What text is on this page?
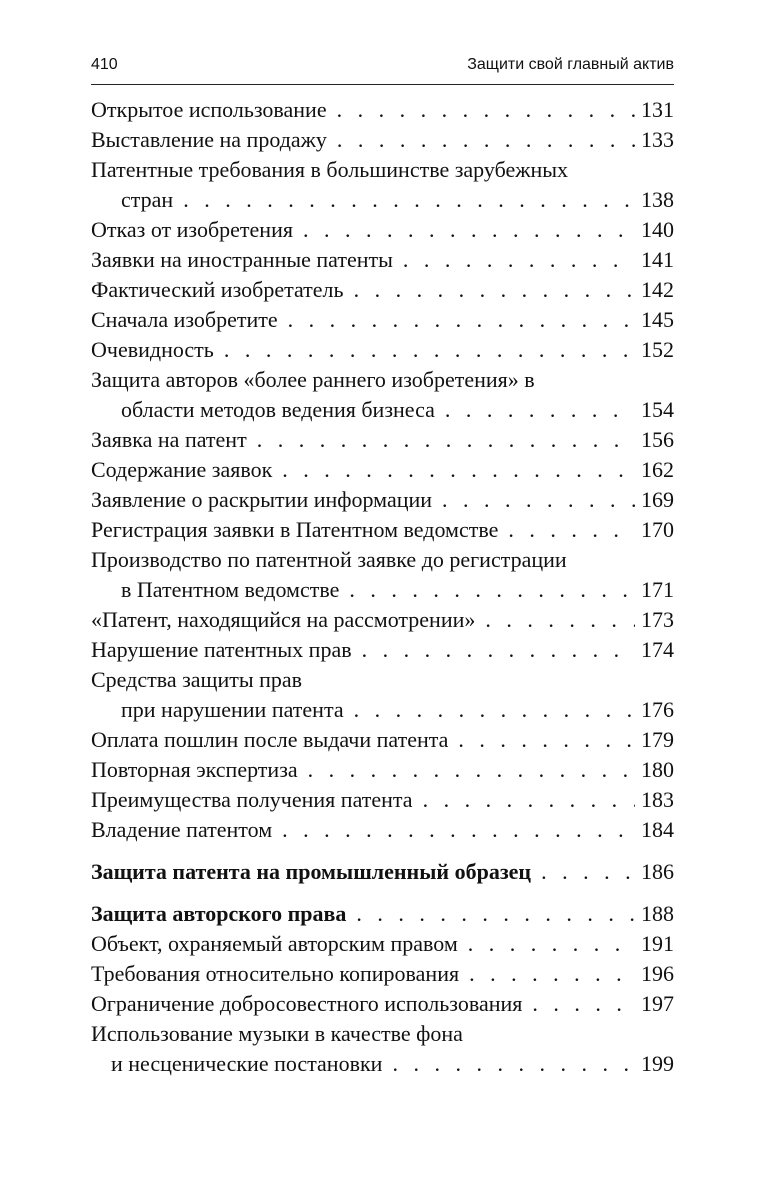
410	Защити свой главный актив
Открытое использование . . .	131
Выставление на продажу . . .	133
Патентные требования в большинстве зарубежных
стран . . .	138
Отказ от изобретения . . .	140
Заявки на иностранные патенты . . .	141
Фактический изобретатель . . .	142
Сначала изобретите . . .	145
Очевидность . . .	152
Защита авторов «более раннего изобретения» в
области методов ведения бизнеса . . .	154
Заявка на патент . . .	156
Содержание заявок . . .	162
Заявление о раскрытии информации . . .	169
Регистрация заявки в Патентном ведомстве . . .	170
Производство по патентной заявке до регистрации
в Патентном ведомстве . . .	171
«Патент, находящийся на рассмотрении» . . .	173
Нарушение патентных прав . . .	174
Средства защиты прав
при нарушении патента . . .	176
Оплата пошлин после выдачи патента . . .	179
Повторная экспертиза . . .	180
Преимущества получения патента . . .	183
Владение патентом . . .	184
Защита патента на промышленный образец . . .	186
Защита авторского права . . .	188
Объект, охраняемый авторским правом . . .	191
Требования относительно копирования . . .	196
Ограничение добросовестного использования . . .	197
Использование музыки в качестве фона
и несценические постановки . . .	199
